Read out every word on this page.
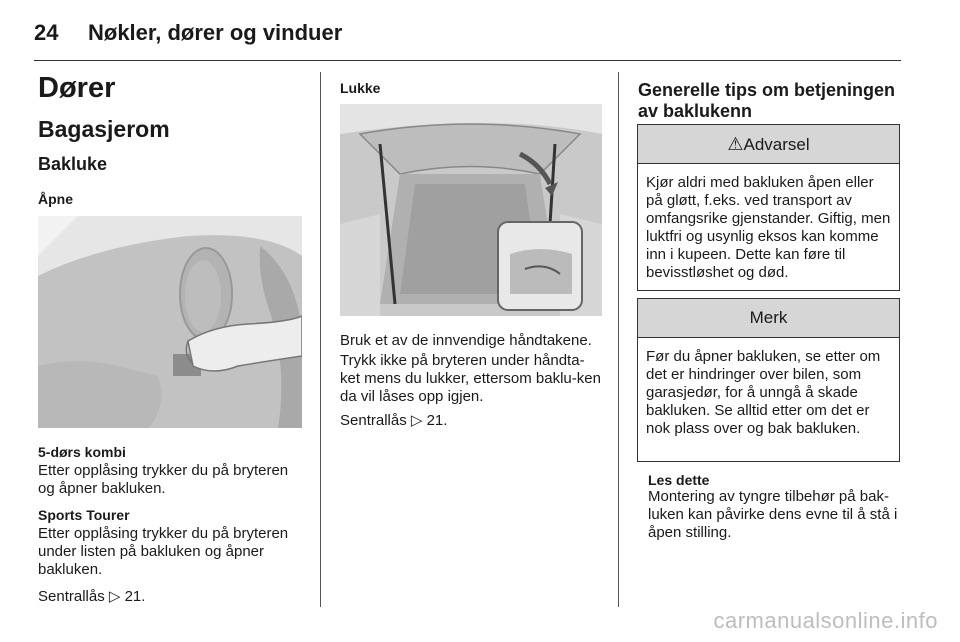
24 Nøkler, dører og vinduer
Dører
Bagasjerom
Bakluke
Åpne
5-dørs kombi
Etter opplåsing trykker du på bryteren og åpner bakluken.
Sports Tourer
Etter opplåsing trykker du på bryteren under listen på bakluken og åpner bakluken.
Sentrallås ▷ 21.
Lukke
Bruk et av de innvendige håndtakene.
Trykk ikke på bryteren under håndta-ket mens du lukker, ettersom baklu-ken da vil låses opp igjen.
Sentrallås ▷ 21.
Generelle tips om betjeningen av baklukenn
⚠Advarsel
Kjør aldri med bakluken åpen eller på gløtt, f.eks. ved transport av omfangsrike gjenstander. Giftig, men luktfri og usynlig eksos kan komme inn i kupeen. Dette kan føre til bevisstløshet og død.
Merk
Før du åpner bakluken, se etter om det er hindringer over bilen, som garasjedør, for å unngå å skade bakluken. Se alltid etter om det er nok plass over og bak bakluken.
Les dette
Montering av tyngre tilbehør på bak-luken kan påvirke dens evne til å stå i åpen stilling.
carmanualsonline.info
